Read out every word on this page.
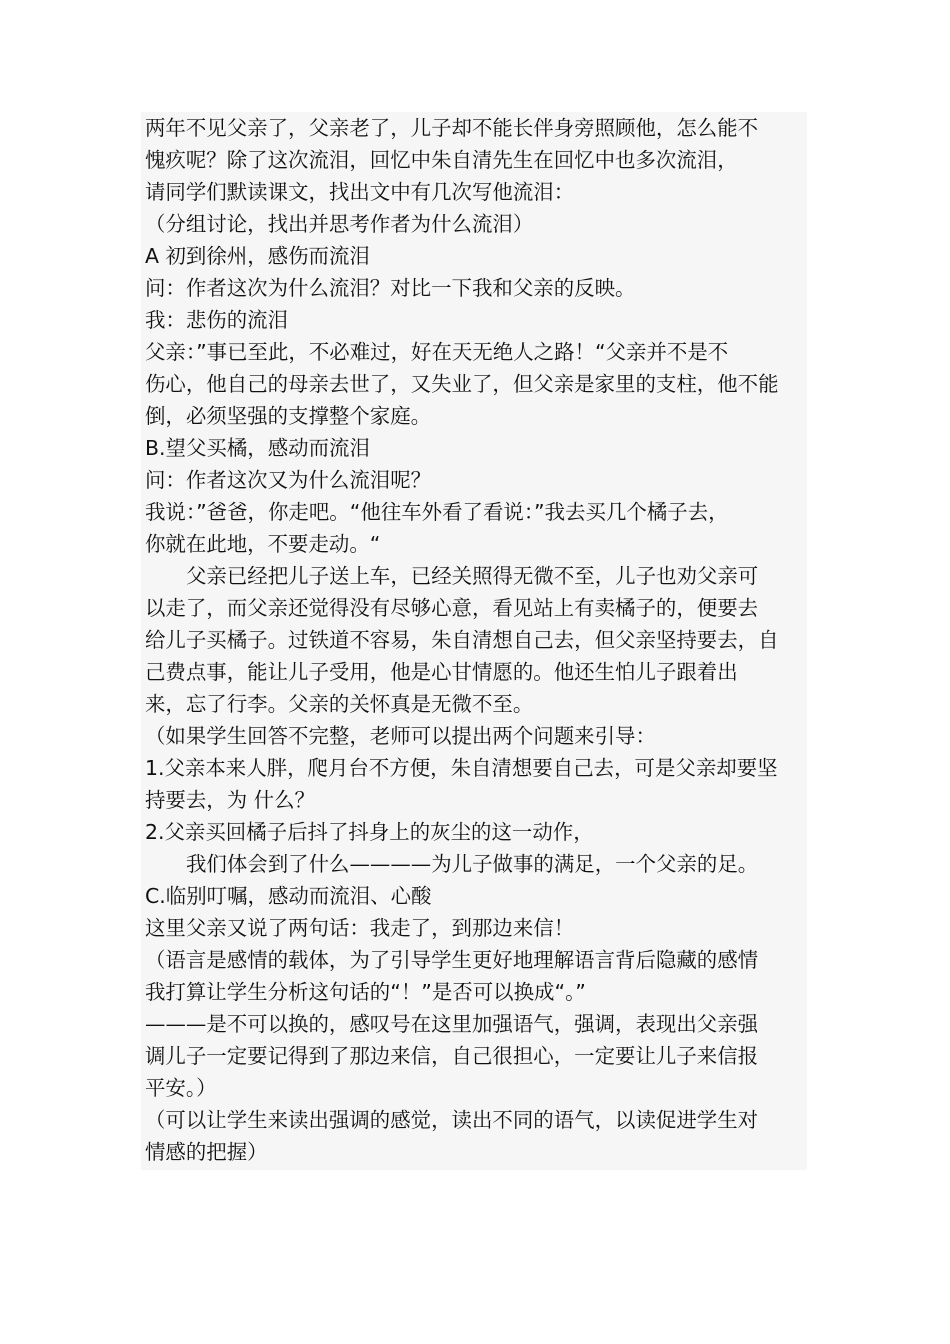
两年不见父亲了，父亲老了，儿子却不能长伴身旁照顾他，怎么能不
愧疚呢？除了这次流泪，回忆中朱自清先生在回忆中也多次流泪，
请同学们默读课文，找出文中有几次写他流泪：
（分组讨论，找出并思考作者为什么流泪）
A 初到徐州，感伤而流泪
问：作者这次为什么流泪？对比一下我和父亲的反映。
我：悲伤的流泪
父亲：”事已至此，不必难过，好在天无绝人之路！“父亲并不是不
伤心，他自己的母亲去世了，又失业了，但父亲是家里的支柱，他不能
倒，必须坚强的支撑整个家庭。
B.望父买橘，感动而流泪
问：作者这次又为什么流泪呢？
我说：”爸爸，你走吧。“他往车外看了看说：”我去买几个橘子去，
你就在此地，不要走动。“
父亲已经把儿子送上车，已经关照得无微不至，儿子也劝父亲可
以走了，而父亲还觉得没有尽够心意，看见站上有卖橘子的，便要去
给儿子买橘子。过铁道不容易，朱自清想自己去，但父亲坚持要去，自
己费点事，能让儿子受用，他是心甘情愿的。他还生怕儿子跟着出
来，忘了行李。父亲的关怀真是无微不至。
（如果学生回答不完整，老师可以提出两个问题来引导：
1.父亲本来人胖，爬月台不方便，朱自清想要自己去，可是父亲却要坚
持要去，为 什么？
2.父亲买回橘子后抖了抖身上的灰尘的这一动作，
我们体会到了什么————为儿子做事的满足，一个父亲的足。
C.临别叮嘱，感动而流泪、心酸
这里父亲又说了两句话：我走了，到那边来信！
（语言是感情的载体，为了引导学生更好地理解语言背后隐藏的感情
我打算让学生分析这句话的“！”是否可以换成“。”
———是不可以换的，感叹号在这里加强语气，强调，表现出父亲强
调儿子一定要记得到了那边来信，自己很担心，一定要让儿子来信报
平安。）
（可以让学生来读出强调的感觉，读出不同的语气，以读促进学生对
情感的把握）
